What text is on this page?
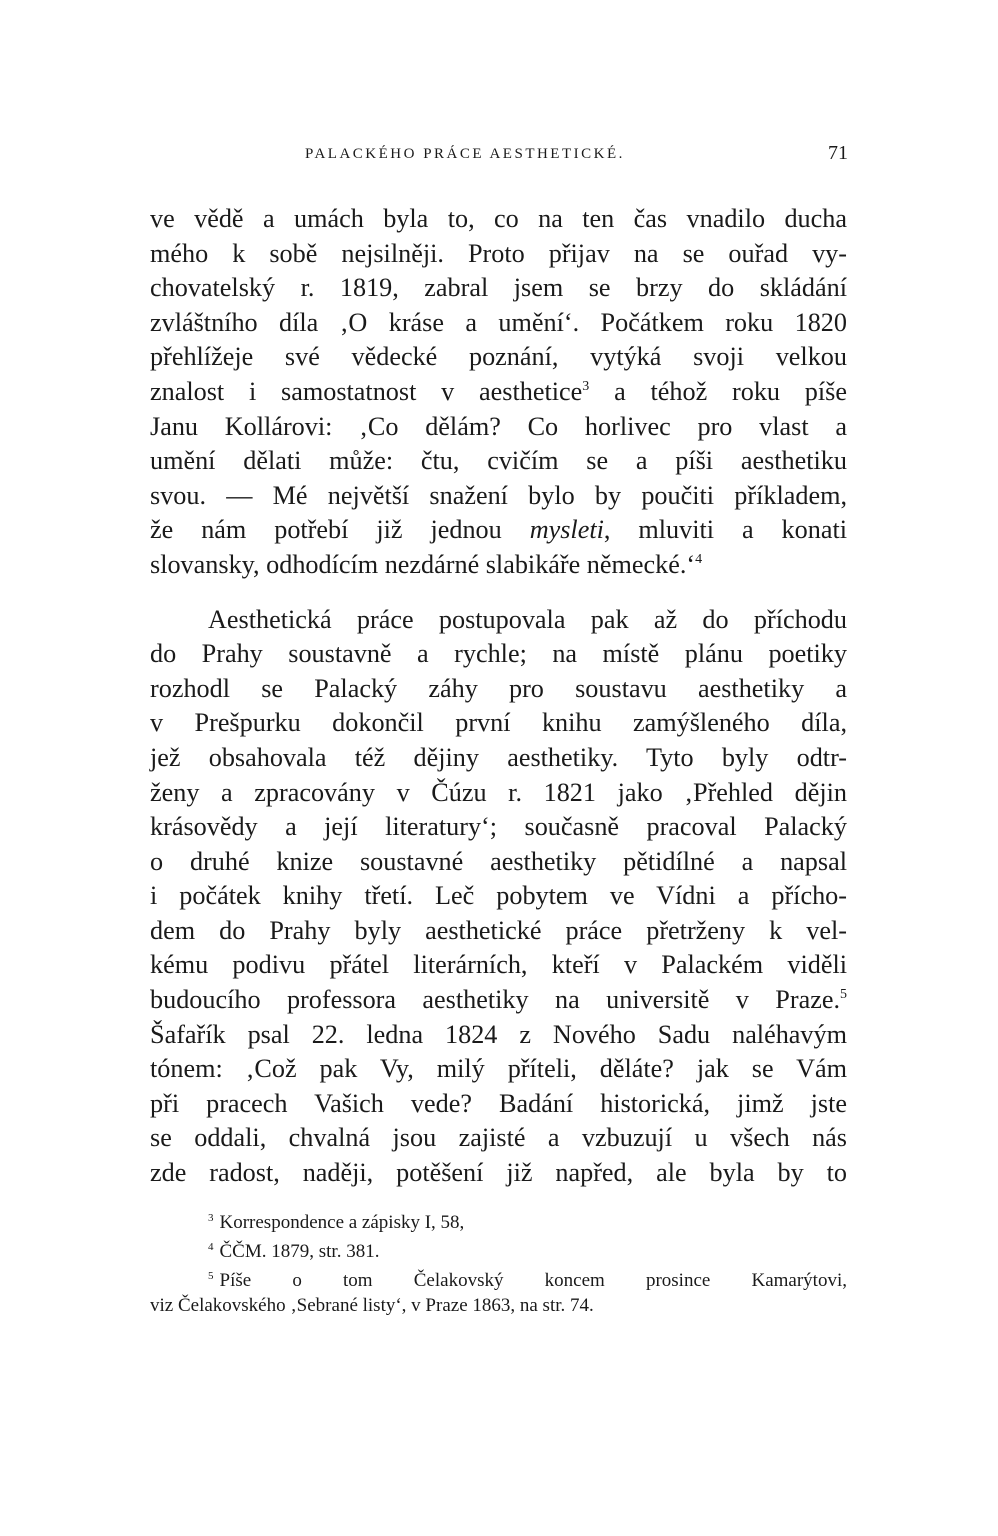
PALACKÉHO PRÁCE AESTHETICKÉ.	71
ve vědě a umách byla to, co na ten čas vnadilo ducha
mého k sobě nejsilněji. Proto přijav na se ouřad vy-
chovatelský r. 1819, zabral jsem se brzy do skládání
zvláštního díla ‚O kráse a umění‘. Počátkem roku 1820
přehlížeje své vědecké poznání, vytýká svoji velkou
znalost i samostatnost v aesthetice$^3$ a téhož roku píše
Janu Kollárovi: ‚Co dělám? Co horlivec pro vlast a
umění dělati může: čtu, cvičím se a píši aesthetiku
svou. — Mé největší snažení bylo by poučiti příkladem,
že nám potřebí již jednou mysleti, mluviti a konati
slovansky, odhodícím nezdárné slabikáře německé.‘$^4$
Aesthetická práce postupovala pak až do příchodu
do Prahy soustavně a rychle; na místě plánu poetiky
rozhodl se Palacký záhy pro soustavu aesthetiky a
v Prešpurku dokončil první knihu zamýšleného díla,
jež obsahovala též dějiny aesthetiky. Tyto byly odtr-
ženy a zpracovány v Čúzu r. 1821 jako ‚Přehled dějin
krásovědy a její literatury‘; současně pracoval Palacký
o druhé knize soustavné aesthetiky pětidílné a napsal
i počátek knihy třetí. Leč pobytem ve Vídni a přícho-
dem do Prahy byly aesthetické práce přetrženy k vel-
kému podivu přátel literárních, kteří v Palackém viděli
budoucího professora aesthetiky na universitě v Praze.$^5$
Šafařík psal 22. ledna 1824 z Nového Sadu naléhavým
tónem: ‚Což pak Vy, milý příteli, děláte? jak se Vám
při pracech Vašich vede? Badání historická, jimž jste
se oddali, chvalná jsou zajisté a vzbuzují u všech nás
zde radost, naději, potěšení již napřed, ale byla by to
$^3$ Korrespondence a zápisky I, 58,
$^4$ ČČM. 1879, str. 381.
$^5$ Píše o tom Čelakovský koncem prosince Kamarýtovi,
viz Čelakovského ‚Sebrané listy‘, v Praze 1863, na str. 74.
